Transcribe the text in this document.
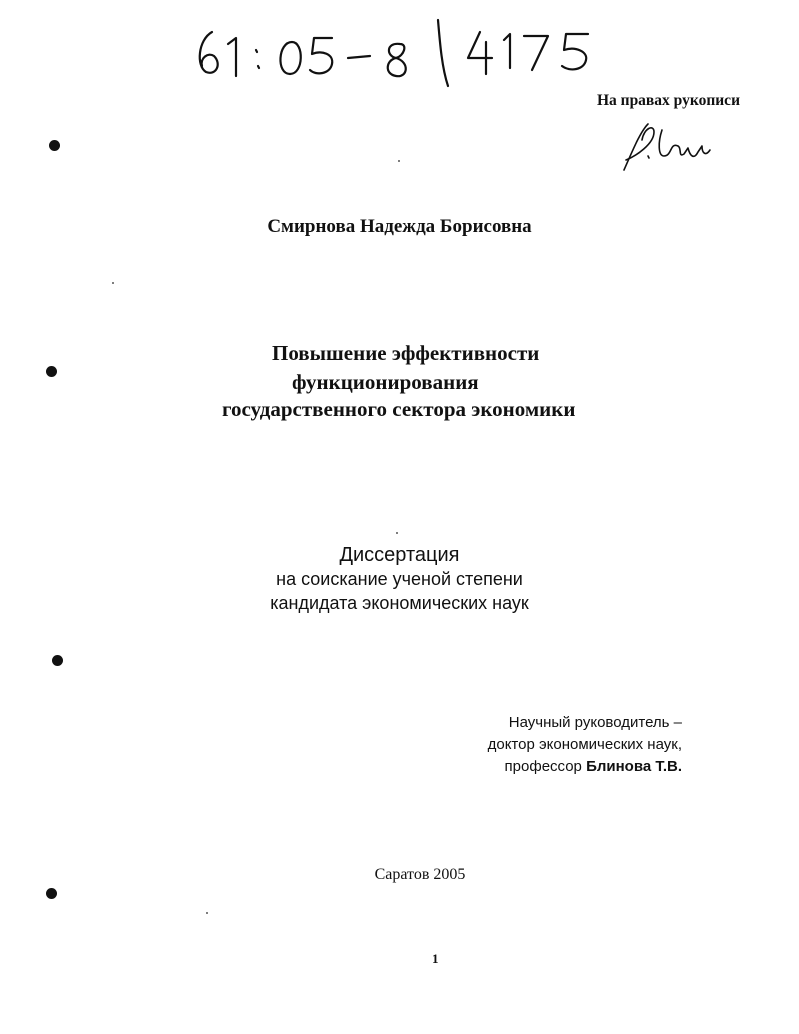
На правах рукописи
Смирнова Надежда Борисовна
Повышение эффективности
функционирования
государственного сектора экономики
Диссертация
на соискание ученой степени
кандидата экономических наук
Научный руководитель –
доктор экономических наук,
профессор Блинова Т.В.
Саратов 2005
1
